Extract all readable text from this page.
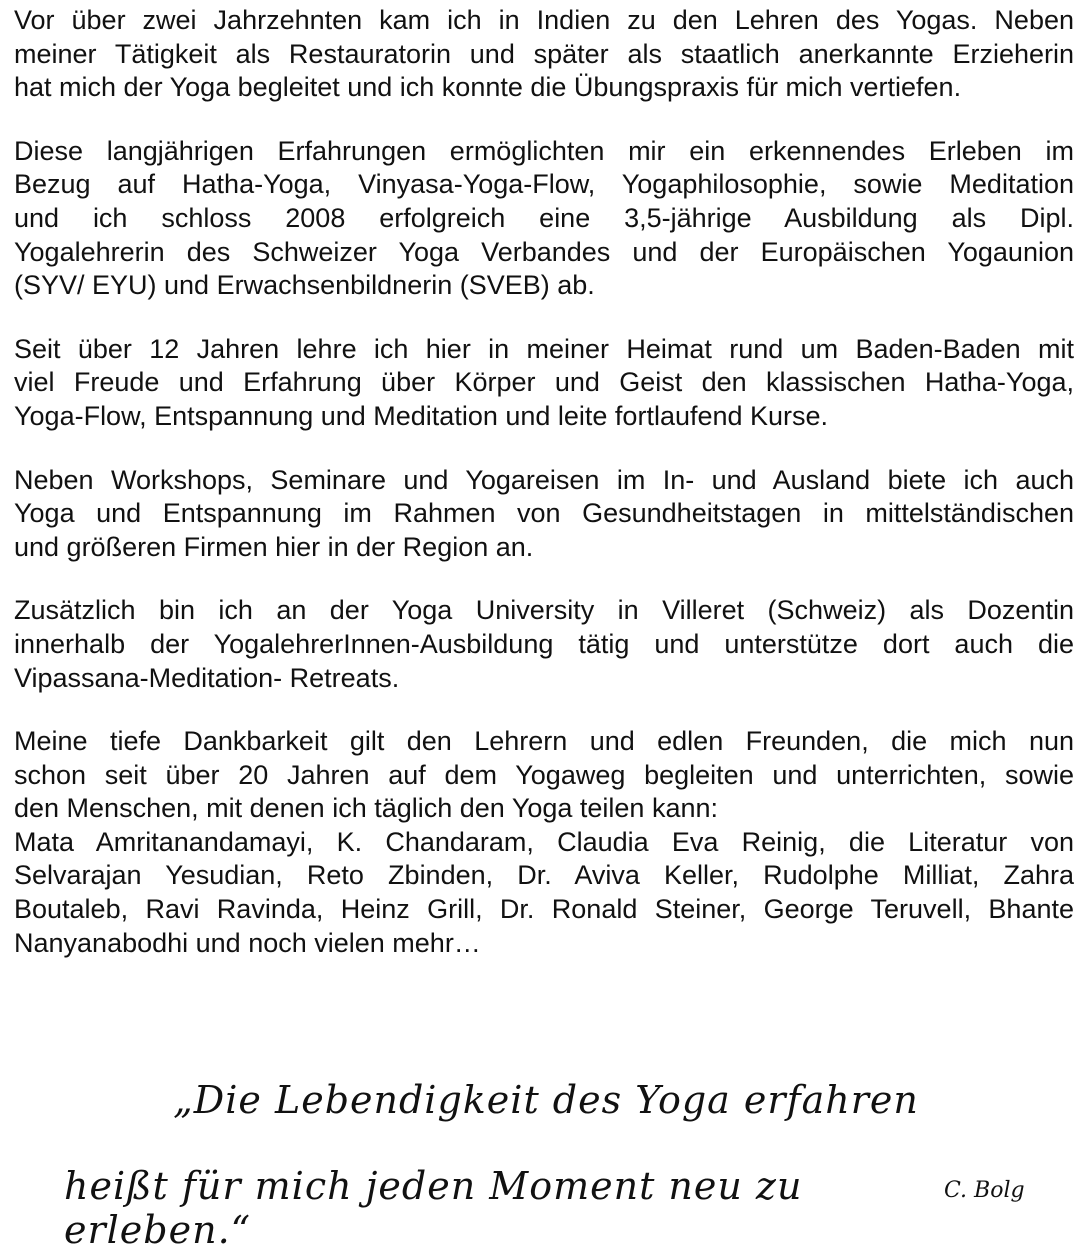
Vor über zwei Jahrzehnten kam ich in Indien zu den Lehren des Yogas. Neben
meiner Tätigkeit als Restauratorin und später als staatlich anerkannte Erzieherin
hat mich der Yoga begleitet und ich konnte die Übungspraxis für mich vertiefen.

Diese langjährigen Erfahrungen ermöglichten mir ein erkennendes Erleben im
Bezug auf Hatha-Yoga, Vinyasa-Yoga-Flow, Yogaphilosophie, sowie Meditation
und ich schloss 2008 erfolgreich eine 3,5-jährige Ausbildung als Dipl.
Yogalehrerin des Schweizer Yoga Verbandes und der Europäischen Yogaunion
(SYV/ EYU) und Erwachsenbildnerin (SVEB) ab.

Seit über 12 Jahren lehre ich hier in meiner Heimat rund um Baden-Baden mit
viel Freude und Erfahrung über Körper und Geist den klassischen Hatha-Yoga,
Yoga-Flow, Entspannung und Meditation und leite fortlaufend Kurse.

Neben Workshops, Seminare und Yogareisen im In- und Ausland biete ich auch
Yoga und Entspannung im Rahmen von Gesundheitstagen in mittelständischen
und größeren Firmen hier in der Region an.

Zusätzlich bin ich an der Yoga University in Villeret (Schweiz) als Dozentin
innerhalb der YogalehrerInnen-Ausbildung tätig und unterstütze dort auch die
Vipassana-Meditation- Retreats.

Meine tiefe Dankbarkeit gilt den Lehrern und edlen Freunden, die mich nun
schon seit über 20 Jahren auf dem Yogaweg begleiten und unterrichten, sowie
den Menschen, mit denen ich täglich den Yoga teilen kann:
Mata Amritanandamayi, K. Chandaram, Claudia Eva Reinig, die Literatur von
Selvarajan Yesudian, Reto Zbinden, Dr. Aviva Keller, Rudolphe Milliat, Zahra
Boutaleb, Ravi Ravinda, Heinz Grill, Dr. Ronald Steiner, George Teruvell, Bhante
Nanyanabodhi und noch vielen mehr…

„Die Lebendigkeit des Yoga erfahren
heißt für mich jeden Moment neu zu erleben.“
C. Bolg
